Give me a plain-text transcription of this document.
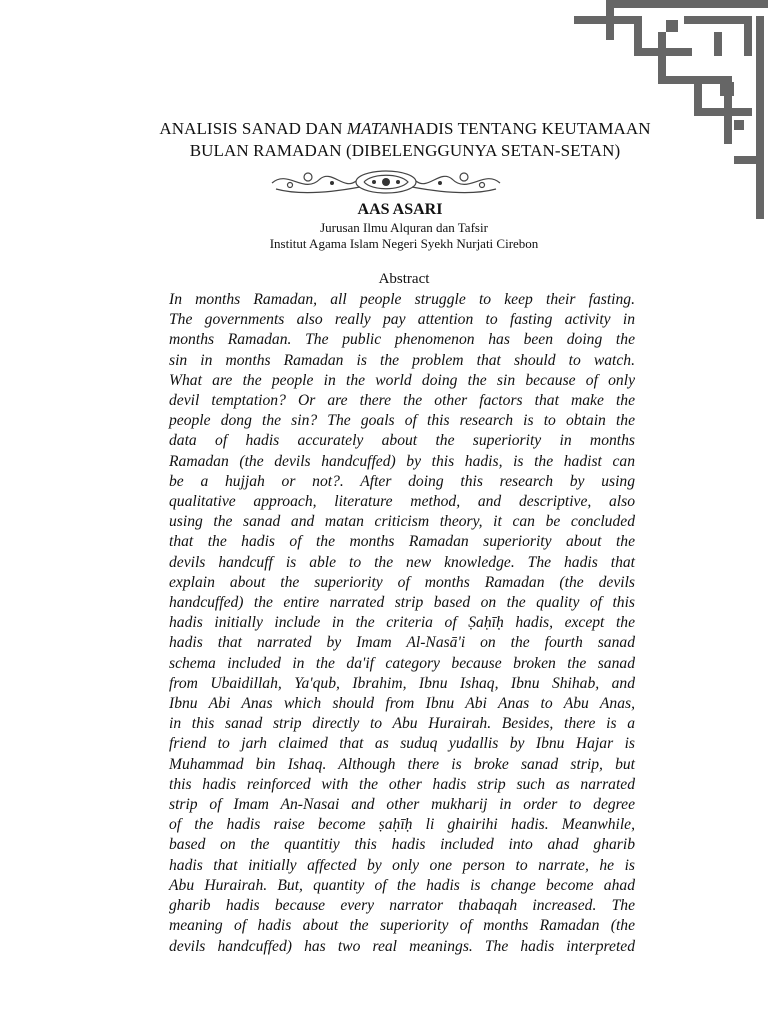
ANALISIS SANAD DAN MATANHADIS TENTANG KEUTAMAAN
BULAN RAMADAN (DIBELENGGUNYA SETAN-SETAN)
AAS ASARI
Jurusan Ilmu Alquran dan Tafsir
Institut Agama Islam Negeri Syekh Nurjati Cirebon
Abstract
In months Ramadan, all people struggle to keep their fasting.
The governments also really pay attention to fasting activity in
months Ramadan. The public phenomenon has been doing the
sin in months Ramadan is the problem that should to watch.
What are the people in the world doing the sin because of only
devil temptation? Or are there the other factors that make the
people dong the sin? The goals of this research is to obtain the
data of hadis accurately about the superiority in months
Ramadan (the devils handcuffed) by this hadis, is the hadist can
be a hujjah or not?. After doing this research by using
qualitative approach, literature method, and descriptive, also
using the sanad and matan criticism theory, it can be concluded
that the hadis of the months Ramadan superiority about the
devils handcuff is able to the new knowledge. The hadis that
explain about the superiority of months Ramadan (the devils
handcuffed) the entire narrated strip based on the quality of this
hadis initially include in the criteria of Ṣaḥīḥ hadis, except the
hadis that narrated by Imam Al-Nasā'i on the fourth sanad
schema included in the da'if category because broken the sanad
from Ubaidillah, Ya'qub, Ibrahim, Ibnu Ishaq, Ibnu Shihab, and
Ibnu Abi Anas which should from Ibnu Abi Anas to Abu Anas,
in this sanad strip directly to Abu Hurairah. Besides, there is a
friend to jarh claimed that as suduq yudallis by Ibnu Hajar is
Muhammad bin Ishaq. Although there is broke sanad strip, but
this hadis reinforced with the other hadis strip such as narrated
strip of Imam An-Nasai and other mukharij in order to degree
of the hadis raise become ṣaḥīḥ li ghairihi hadis. Meanwhile,
based on the quantitiy this hadis included into ahad gharib
hadis that initially affected by only one person to narrate, he is
Abu Hurairah. But, quantity of the hadis is change become ahad
gharib hadis because every narrator thabaqah increased. The
meaning of hadis about the superiority of months Ramadan (the
devils handcuffed) has two real meanings. The hadis interpreted
